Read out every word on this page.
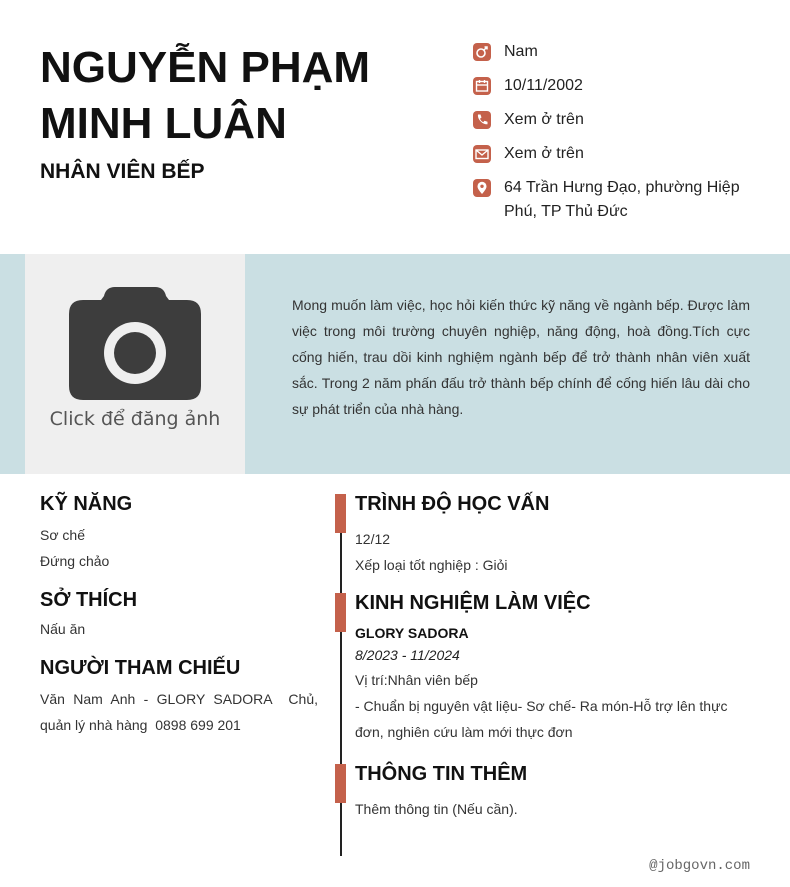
NGUYỄN PHẠM
MINH LUÂN
NHÂN VIÊN BẾP
Nam
10/11/2002
Xem ở trên
Xem ở trên
64 Trần Hưng Đạo, phường Hiệp Phú, TP Thủ Đức
Click để đăng ảnh
Mong muốn làm việc, học hỏi kiến thức kỹ năng về ngành bếp. Được làm việc trong môi trường chuyên nghiệp, năng động, hoà đồng.Tích cực cống hiến, trau dồi kinh nghiệm ngành bếp để trở thành nhân viên xuất sắc. Trong 2 năm phấn đấu trở thành bếp chính để cống hiến lâu dài cho sự phát triển của nhà hàng.
KỸ NĂNG
Sơ chế
Đứng chảo
SỞ THÍCH
Nấu ăn
NGƯỜI THAM CHIẾU
Văn Nam Anh - GLORY SADORA  Chủ, quản lý nhà hàng  0898 699 201
TRÌNH ĐỘ HỌC VẤN
12/12
Xếp loại tốt nghiệp : Giỏi
KINH NGHIỆM LÀM VIỆC
GLORY SADORA
8/2023 - 11/2024
Vị trí:Nhân viên bếp
- Chuẩn bị nguyên vật liệu- Sơ chế- Ra món-Hỗ trợ lên thực đơn, nghiên cứu làm mới thực đơn
THÔNG TIN THÊM
Thêm thông tin (Nếu cần).
@jobgovn.com
